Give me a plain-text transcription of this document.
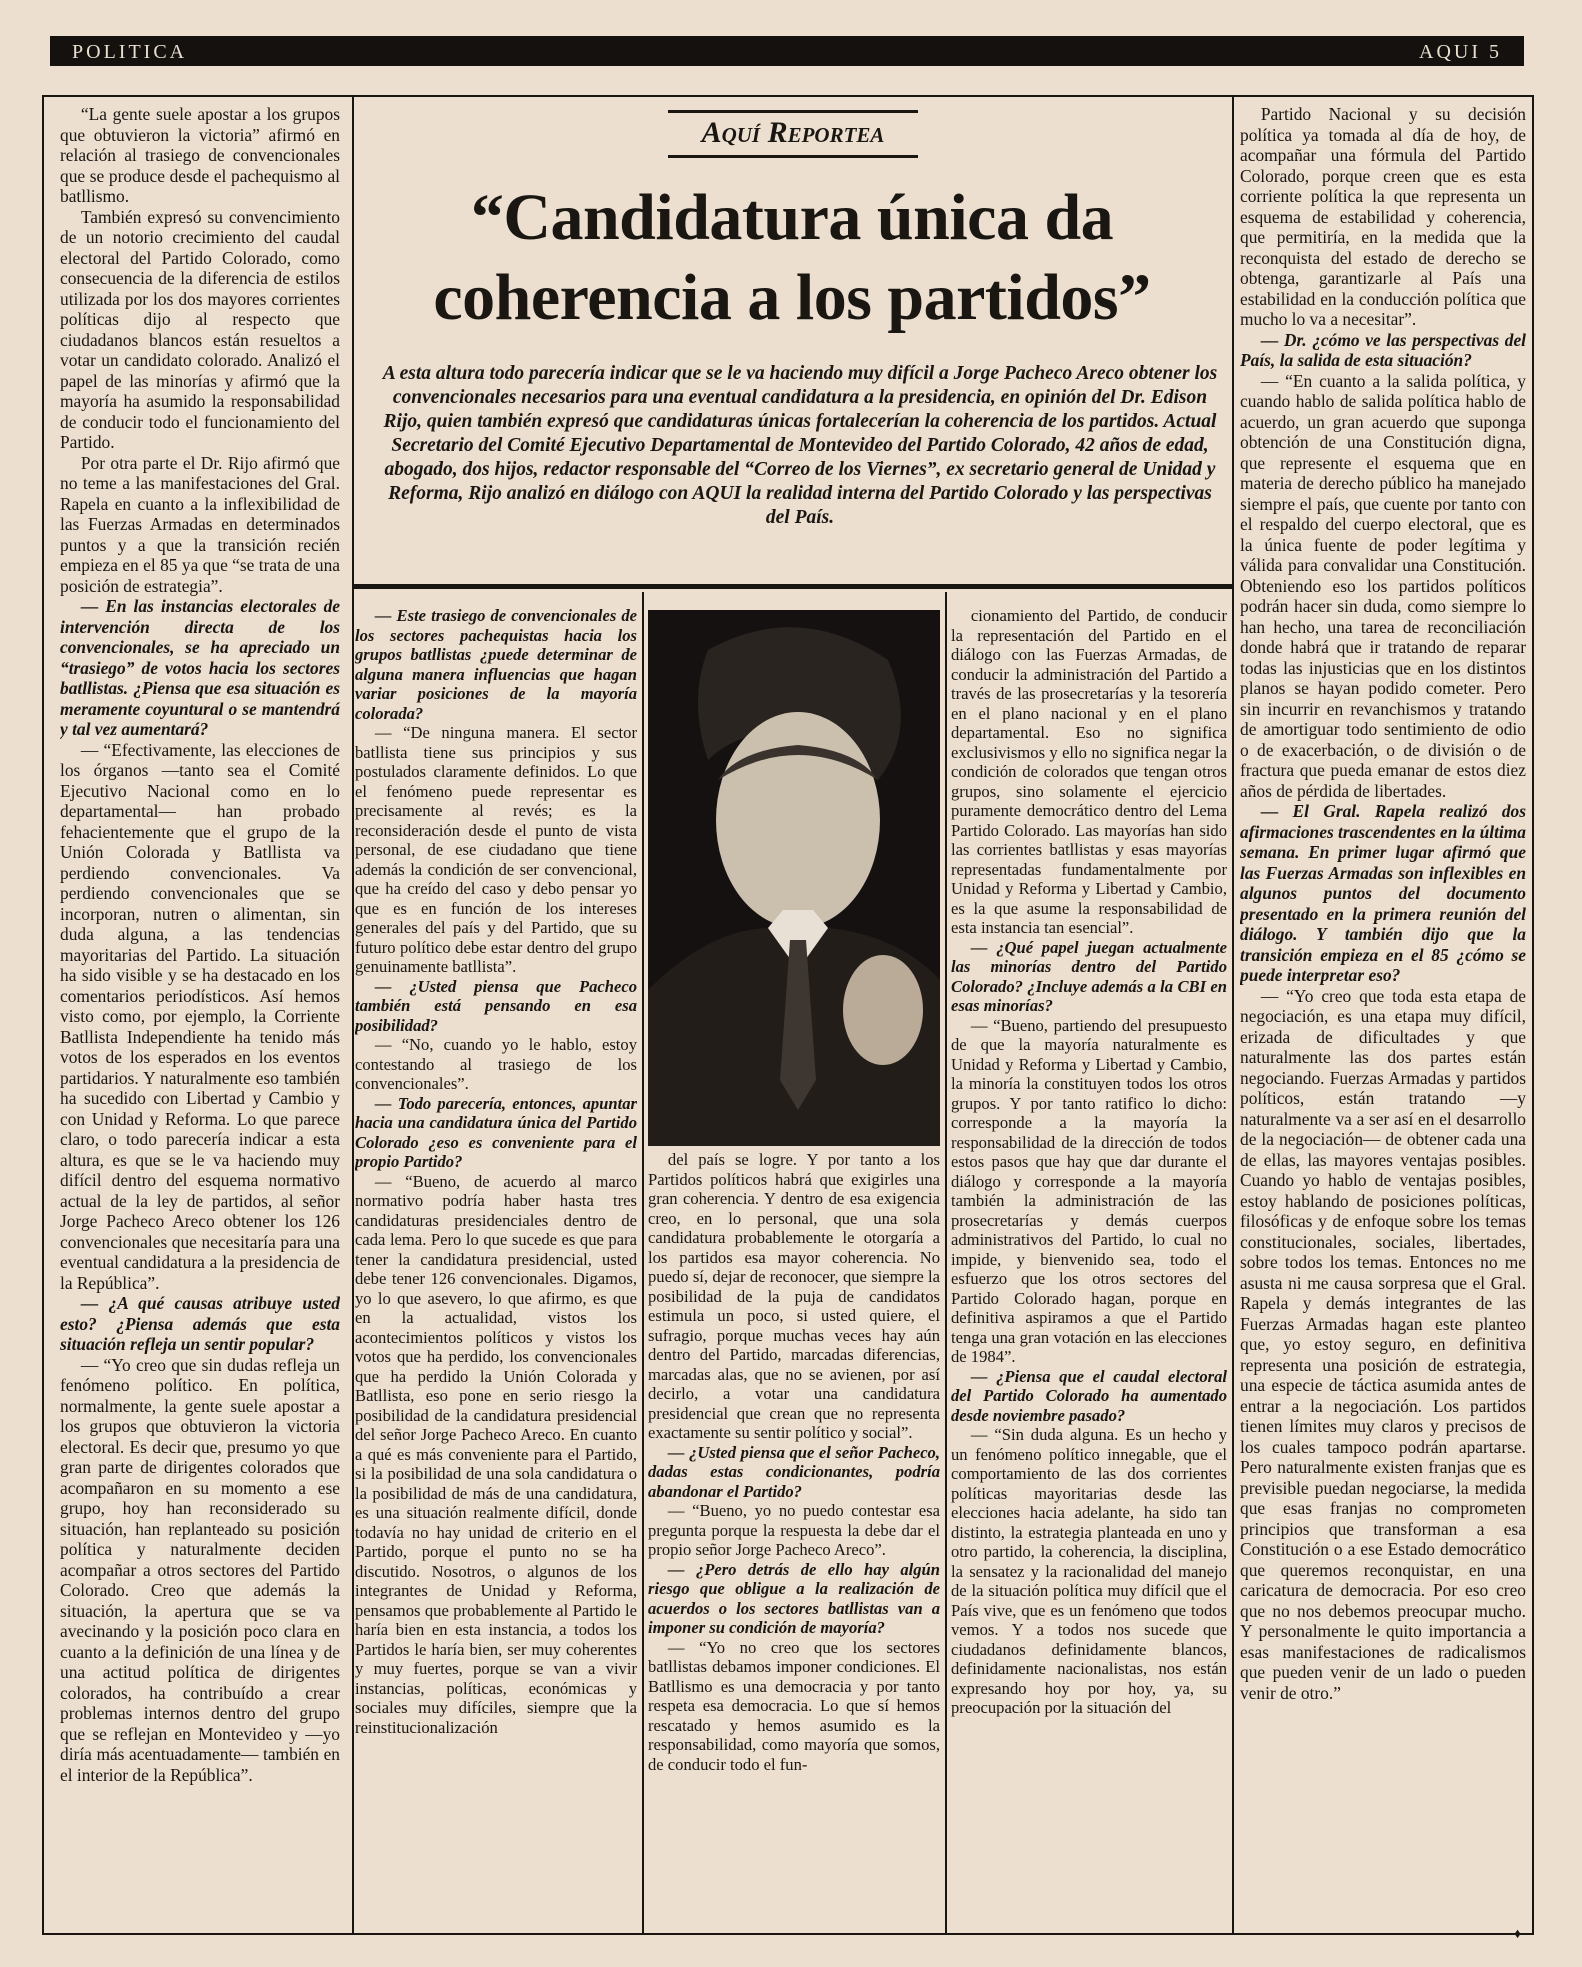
POLITICA	AQUI 5
Aquí Reportea
“Candidatura única da coherencia a los partidos”
A esta altura todo parecería indicar que se le va haciendo muy difícil a Jorge Pacheco Areco obtener los convencionales necesarios para una eventual candidatura a la presidencia, en opinión del Dr. Edison Rijo, quien también expresó que candidaturas únicas fortalecerían la coherencia de los partidos. Actual Secretario del Comité Ejecutivo Departamental de Montevideo del Partido Colorado, 42 años de edad, abogado, dos hijos, redactor responsable del “Correo de los Viernes”, ex secretario general de Unidad y Reforma, Rijo analizó en diálogo con AQUI la realidad interna del Partido Colorado y las perspectivas del País.

“La gente suele apostar a los grupos que obtuvieron la victoria” afirmó en relación al trasiego de convencionales que se produce desde el pachequismo al batllismo.

También expresó su convencimiento de un notorio crecimiento del caudal electoral del Partido Colorado, como consecuencia de la diferencia de estilos utilizada por los dos mayores corrientes políticas dijo al respecto que ciudadanos blancos están resueltos a votar un candidato colorado. Analizó el papel de las minorías y afirmó que la mayoría ha asumido la responsabilidad de conducir todo el funcionamiento del Partido.

Por otra parte el Dr. Rijo afirmó que no teme a las manifestaciones del Gral. Rapela en cuanto a la inflexibilidad de las Fuerzas Armadas en determinados puntos y a que la transición recién empieza en el 85 ya que “se trata de una posición de estrategia”.

— En las instancias electorales de intervención directa de los convencionales, se ha apreciado un “trasiego” de votos hacia los sectores batllistas. ¿Piensa que esa situación es meramente coyuntural o se mantendrá y tal vez aumentará?

— “Efectivamente, las elecciones de los órganos —tanto sea el Comité Ejecutivo Nacional como en lo departamental— han probado fehacientemente que el grupo de la Unión Colorada y Batllista va perdiendo convencionales. Va perdiendo convencionales que se incorporan, nutren o alimentan, sin duda alguna, a las tendencias mayoritarias del Partido. La situación ha sido visible y se ha destacado en los comentarios periodísticos. Así hemos visto como, por ejemplo, la Corriente Batllista Independiente ha tenido más votos de los esperados en los eventos partidarios. Y naturalmente eso también ha sucedido con Libertad y Cambio y con Unidad y Reforma. Lo que parece claro, o todo parecería indicar a esta altura, es que se le va haciendo muy difícil dentro del esquema normativo actual de la ley de partidos, al señor Jorge Pacheco Areco obtener los 126 convencionales que necesitaría para una eventual candidatura a la presidencia de la República”.

— ¿A qué causas atribuye usted esto? ¿Piensa además que esta situación refleja un sentir popular?

— “Yo creo que sin dudas refleja un fenómeno político. En política, normalmente, la gente suele apostar a los grupos que obtuvieron la victoria electoral. Es decir que, presumo yo que gran parte de dirigentes colorados que acompañaron en su momento a ese grupo, hoy han reconsiderado su situación, han replanteado su posición política y naturalmente deciden acompañar a otros sectores del Partido Colorado. Creo que además la situación, la apertura que se va avecinando y la posición poco clara en cuanto a la definición de una línea y de una actitud política de dirigentes colorados, ha contribuído a crear problemas internos dentro del grupo que se reflejan en Montevideo y —yo diría más acentuadamente— también en el interior de la República”.

— Este trasiego de convencionales de los sectores pachequistas hacia los grupos batllistas ¿puede determinar de alguna manera influencias que hagan variar posiciones de la mayoría colorada?

— “De ninguna manera. El sector batllista tiene sus principios y sus postulados claramente definidos. Lo que el fenómeno puede representar es precisamente al revés; es la reconsideración desde el punto de vista personal, de ese ciudadano que tiene además la condición de ser convencional, que ha creído del caso y debo pensar yo que es en función de los intereses generales del país y del Partido, que su futuro político debe estar dentro del grupo genuinamente batllista”.

— ¿Usted piensa que Pacheco también está pensando en esa posibilidad?

— “No, cuando yo le hablo, estoy contestando al trasiego de los convencionales”.

— Todo parecería, entonces, apuntar hacia una candidatura única del Partido Colorado ¿eso es conveniente para el propio Partido?

— “Bueno, de acuerdo al marco normativo podría haber hasta tres candidaturas presidenciales dentro de cada lema. Pero lo que sucede es que para tener la candidatura presidencial, usted debe tener 126 convencionales. Digamos, yo lo que asevero, lo que afirmo, es que en la actualidad, vistos los acontecimientos políticos y vistos los votos que ha perdido, los convencionales que ha perdido la Unión Colorada y Batllista, eso pone en serio riesgo la posibilidad de la candidatura presidencial del señor Jorge Pacheco Areco. En cuanto a qué es más conveniente para el Partido, si la posibilidad de una sola candidatura o la posibilidad de más de una candidatura, es una situación realmente difícil, donde todavía no hay unidad de criterio en el Partido, porque el punto no se ha discutido. Nosotros, o algunos de los integrantes de Unidad y Reforma, pensamos que probablemente al Partido le haría bien en esta instancia, a todos los Partidos le haría bien, ser muy coherentes y muy fuertes, porque se van a vivir instancias, políticas, económicas y sociales muy difíciles, siempre que la reinstitucionalización

del país se logre. Y por tanto a los Partidos políticos habrá que exigirles una gran coherencia. Y dentro de esa exigencia creo, en lo personal, que una sola candidatura probablemente le otorgaría a los partidos esa mayor coherencia. No puedo sí, dejar de reconocer, que siempre la posibilidad de la puja de candidatos estimula un poco, si usted quiere, el sufragio, porque muchas veces hay aún dentro del Partido, marcadas diferencias, marcadas alas, que no se avienen, por así decirlo, a votar una candidatura presidencial que crean que no representa exactamente su sentir político y social”.

— ¿Usted piensa que el señor Pacheco, dadas estas condicionantes, podría abandonar el Partido?

— “Bueno, yo no puedo contestar esa pregunta porque la respuesta la debe dar el propio señor Jorge Pacheco Areco”.

— ¿Pero detrás de ello hay algún riesgo que obligue a la realización de acuerdos o los sectores batllistas van a imponer su condición de mayoría?

— “Yo no creo que los sectores batllistas debamos imponer condiciones. El Batllismo es una democracia y por tanto respeta esa democracia. Lo que sí hemos rescatado y hemos asumido es la responsabilidad, como mayoría que somos, de conducir todo el fun-

cionamiento del Partido, de conducir la representación del Partido en el diálogo con las Fuerzas Armadas, de conducir la administración del Partido a través de las prosecretarías y la tesorería en el plano nacional y en el plano departamental. Eso no significa exclusivismos y ello no significa negar la condición de colorados que tengan otros grupos, sino solamente el ejercicio puramente democrático dentro del Lema Partido Colorado. Las mayorías han sido las corrientes batllistas y esas mayorías representadas fundamentalmente por Unidad y Reforma y Libertad y Cambio, es la que asume la responsabilidad de esta instancia tan esencial”.

— ¿Qué papel juegan actualmente las minorías dentro del Partido Colorado? ¿Incluye además a la CBI en esas minorías?

— “Bueno, partiendo del presupuesto de que la mayoría naturalmente es Unidad y Reforma y Libertad y Cambio, la minoría la constituyen todos los otros grupos. Y por tanto ratifico lo dicho: corresponde a la mayoría la responsabilidad de la dirección de todos estos pasos que hay que dar durante el diálogo y corresponde a la mayoría también la administración de las prosecretarías y demás cuerpos administrativos del Partido, lo cual no impide, y bienvenido sea, todo el esfuerzo que los otros sectores del Partido Colorado hagan, porque en definitiva aspiramos a que el Partido tenga una gran votación en las elecciones de 1984”.

— ¿Piensa que el caudal electoral del Partido Colorado ha aumentado desde noviembre pasado?

— “Sin duda alguna. Es un hecho y un fenómeno político innegable, que el comportamiento de las dos corrientes políticas mayoritarias desde las elecciones hacia adelante, ha sido tan distinto, la estrategia planteada en uno y otro partido, la coherencia, la disciplina, la sensatez y la racionalidad del manejo de la situación política muy difícil que el País vive, que es un fenómeno que todos vemos. Y a todos nos sucede que ciudadanos definidamente blancos, definidamente nacionalistas, nos están expresando hoy por hoy, ya, su preocupación por la situación del

Partido Nacional y su decisión política ya tomada al día de hoy, de acompañar una fórmula del Partido Colorado, porque creen que es esta corriente política la que representa un esquema de estabilidad y coherencia, que permitiría, en la medida que la reconquista del estado de derecho se obtenga, garantizarle al País una estabilidad en la conducción política que mucho lo va a necesitar”.

— Dr. ¿cómo ve las perspectivas del País, la salida de esta situación?

— “En cuanto a la salida política, y cuando hablo de salida política hablo de acuerdo, un gran acuerdo que suponga obtención de una Constitución digna, que represente el esquema que en materia de derecho público ha manejado siempre el país, que cuente por tanto con el respaldo del cuerpo electoral, que es la única fuente de poder legítima y válida para convalidar una Constitución. Obteniendo eso los partidos políticos podrán hacer sin duda, como siempre lo han hecho, una tarea de reconciliación donde habrá que ir tratando de reparar todas las injusticias que en los distintos planos se hayan podido cometer. Pero sin incurrir en revanchismos y tratando de amortiguar todo sentimiento de odio o de exacerbación, o de división o de fractura que pueda emanar de estos diez años de pérdida de libertades.

— El Gral. Rapela realizó dos afirmaciones trascendentes en la última semana. En primer lugar afirmó que las Fuerzas Armadas son inflexibles en algunos puntos del documento presentado en la primera reunión del diálogo. Y también dijo que la transición empieza en el 85 ¿cómo se puede interpretar eso?

— “Yo creo que toda esta etapa de negociación, es una etapa muy difícil, erizada de dificultades y que naturalmente las dos partes están negociando. Fuerzas Armadas y partidos políticos, están tratando —y naturalmente va a ser así en el desarrollo de la negociación— de obtener cada una de ellas, las mayores ventajas posibles. Cuando yo hablo de ventajas posibles, estoy hablando de posiciones políticas, filosóficas y de enfoque sobre los temas constitucionales, sociales, libertades, sobre todos los temas. Entonces no me asusta ni me causa sorpresa que el Gral. Rapela y demás integrantes de las Fuerzas Armadas hagan este planteo que, yo estoy seguro, en definitiva representa una posición de estrategia, una especie de táctica asumida antes de entrar a la negociación. Los partidos tienen límites muy claros y precisos de los cuales tampoco podrán apartarse. Pero naturalmente existen franjas que es previsible puedan negociarse, la medida que esas franjas no comprometen principios que transforman a esa Constitución o a ese Estado democrático que queremos reconquistar, en una caricatura de democracia. Por eso creo que no nos debemos preocupar mucho. Y personalmente le quito importancia a esas manifestaciones de radicalismos que pueden venir de un lado o pueden venir de otro.”

♦
